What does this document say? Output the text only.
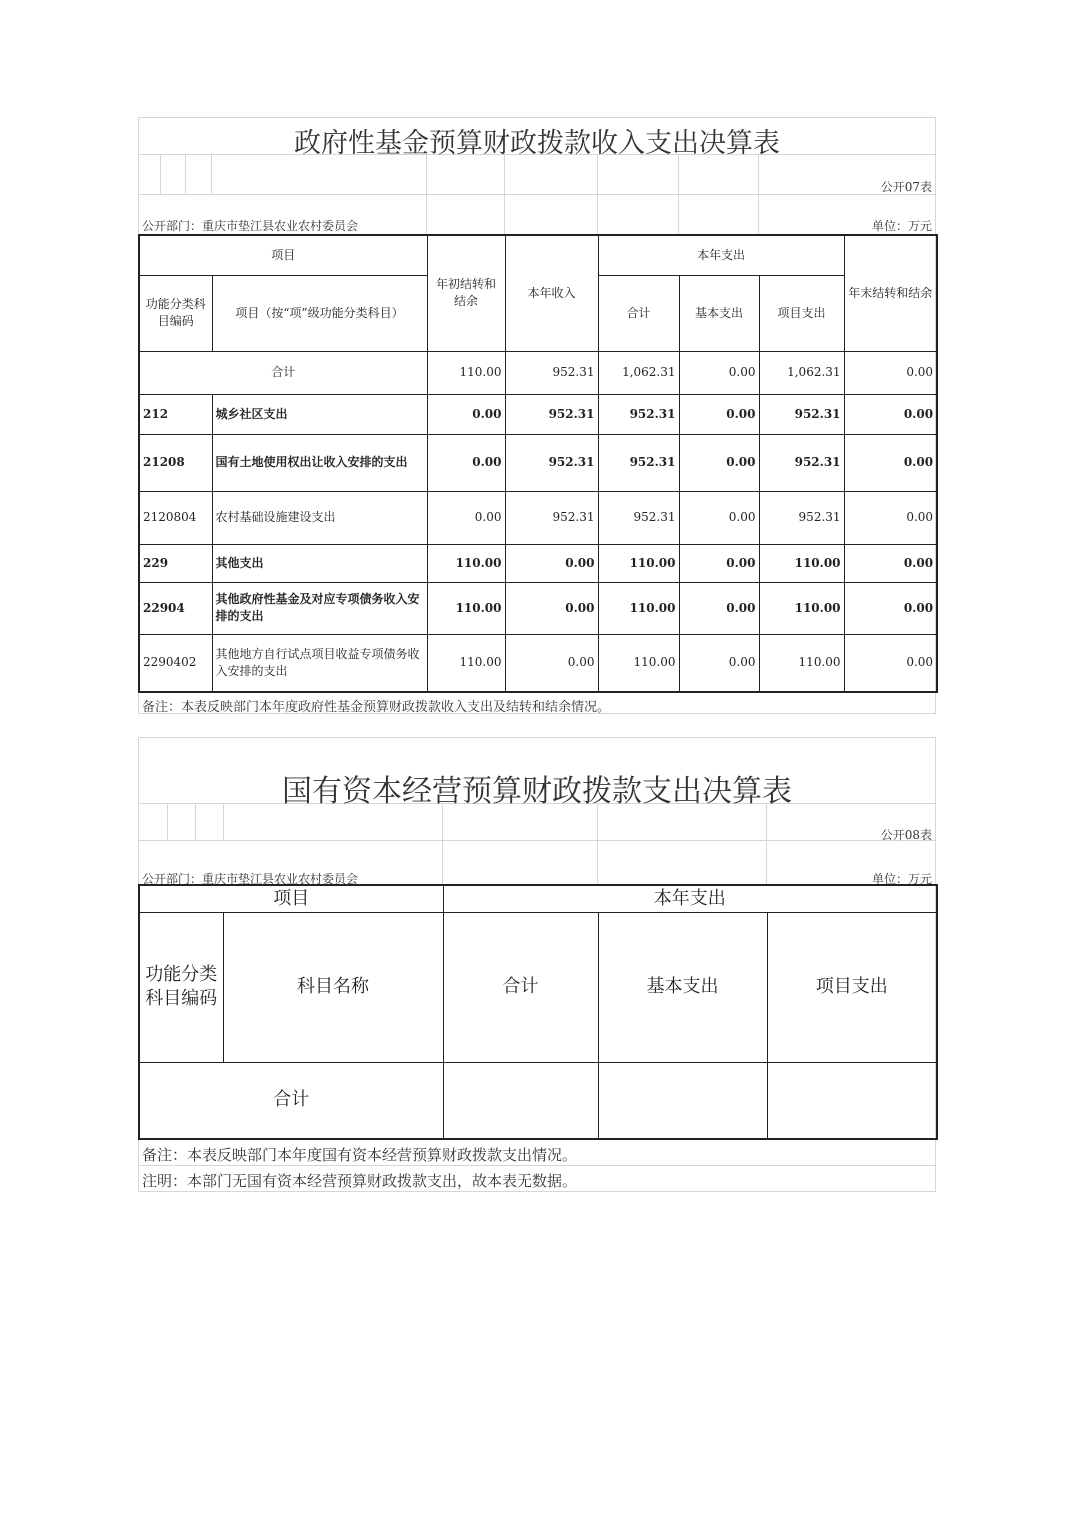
政府性基金预算财政拨款收入支出决算表
公开07表
公开部门：重庆市垫江县农业农村委员会	单位：万元
项目		年初结转和结余	本年收入	本年支出			年末结转和结余
功能分类科目编码	项目（按“项”级功能分类科目）			合计	基本支出	项目支出	
合计		110.00	952.31	1,062.31	0.00	1,062.31	0.00
212	城乡社区支出	0.00	952.31	952.31	0.00	952.31	0.00
21208	国有土地使用权出让收入安排的支出	0.00	952.31	952.31	0.00	952.31	0.00
2120804	农村基础设施建设支出	0.00	952.31	952.31	0.00	952.31	0.00
229	其他支出	110.00	0.00	110.00	0.00	110.00	0.00
22904	其他政府性基金及对应专项债务收入安排的支出	110.00	0.00	110.00	0.00	110.00	0.00
2290402	其他地方自行试点项目收益专项债务收入安排的支出	110.00	0.00	110.00	0.00	110.00	0.00
备注：本表反映部门本年度政府性基金预算财政拨款收入支出及结转和结余情况。
国有资本经营预算财政拨款支出决算表
公开08表
公开部门：重庆市垫江县农业农村委员会	单位：万元
项目		本年支出		
功能分类科目编码	科目名称	合计	基本支出	项目支出
合计				
备注：本表反映部门本年度国有资本经营预算财政拨款支出情况。
注明：本部门无国有资本经营预算财政拨款支出，故本表无数据。
